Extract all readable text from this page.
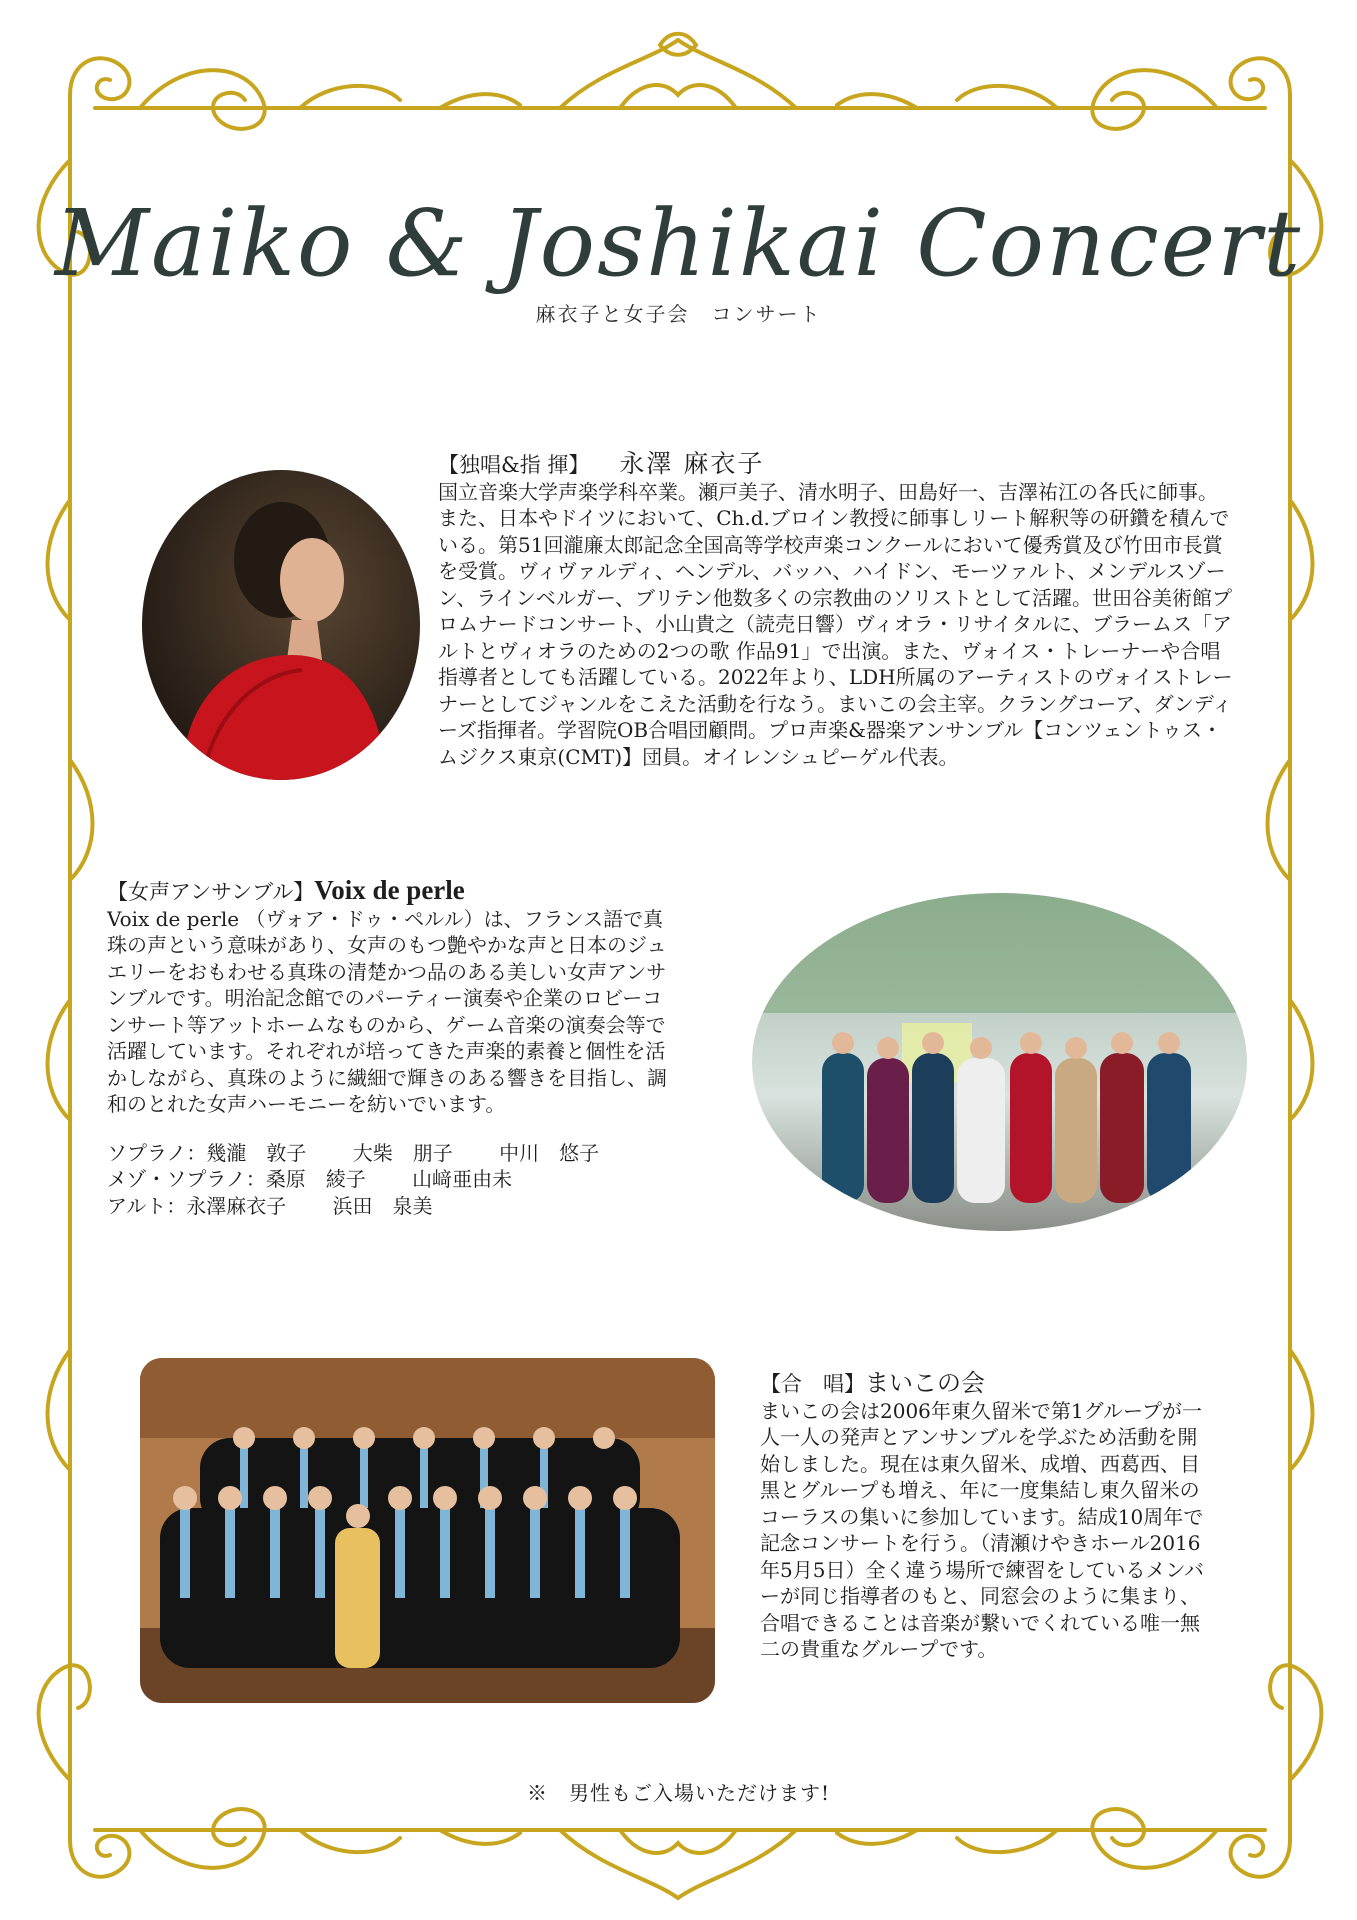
Maiko & Joshikai Concert
麻衣子と女子会　コンサート
【独唱&指 揮】 永澤 麻衣子

国立音楽大学声楽学科卒業。瀬戸美子、清水明子、田島好一、吉澤祐江の各氏に師事。また、日本やドイツにおいて、Ch.d.ブロイン教授に師事しリート解釈等の研鑽を積んでいる。第51回瀧廉太郎記念全国高等学校声楽コンクールにおいて優秀賞及び竹田市長賞を受賞。ヴィヴァルディ、ヘンデル、バッハ、ハイドン、モーツァルト、メンデルスゾーン、ラインベルガー、ブリテン他数多くの宗教曲のソリストとして活躍。世田谷美術館プロムナードコンサート、小山貴之（読売日響）ヴィオラ・リサイタルに、ブラームス「アルトとヴィオラのための2つの歌 作品91」で出演。また、ヴォイス・トレーナーや合唱指導者としても活躍している。2022年より、LDH所属のアーティストのヴォイストレーナーとしてジャンルをこえた活動を行なう。まいこの会主宰。クラングコーア、ダンディーズ指揮者。学習院OB合唱団顧問。プロ声楽&器楽アンサンブル【コンツェントゥス・ムジクス東京(CMT)】団員。オイレンシュピーゲル代表。

【女声アンサンブル】Voix de perle

Voix de perle （ヴォア・ドゥ・ペルル）は、フランス語で真珠の声という意味があり、女声のもつ艶やかな声と日本のジュエリーをおもわせる真珠の清楚かつ品のある美しい女声アンサンブルです。明治記念館でのパーティー演奏や企業のロビーコンサート等アットホームなものから、ゲーム音楽の演奏会等で活躍しています。それぞれが培ってきた声楽的素養と個性を活かしながら、真珠のように繊細で輝きのある響きを目指し、調和のとれた女声ハーモニーを紡いでいます。

ソプラノ：幾瀧　敦子　　 大柴　朋子　　 中川　悠子
メゾ・ソプラノ：桑原　綾子　　 山﨑亜由未
アルト：永澤麻衣子　　 浜田　泉美
【合　唱】まいこの会

まいこの会は2006年東久留米で第1グループが一人一人の発声とアンサンブルを学ぶため活動を開始しました。現在は東久留米、成増、西葛西、目黒とグループも増え、年に一度集結し東久留米のコーラスの集いに参加しています。結成10周年で記念コンサートを行う。（清瀬けやきホール2016年5月5日）全く違う場所で練習をしているメンバーが同じ指導者のもと、同窓会のように集まり、合唱できることは音楽が繋いでくれている唯一無二の貴重なグループです。

※　男性もご入場いただけます!
